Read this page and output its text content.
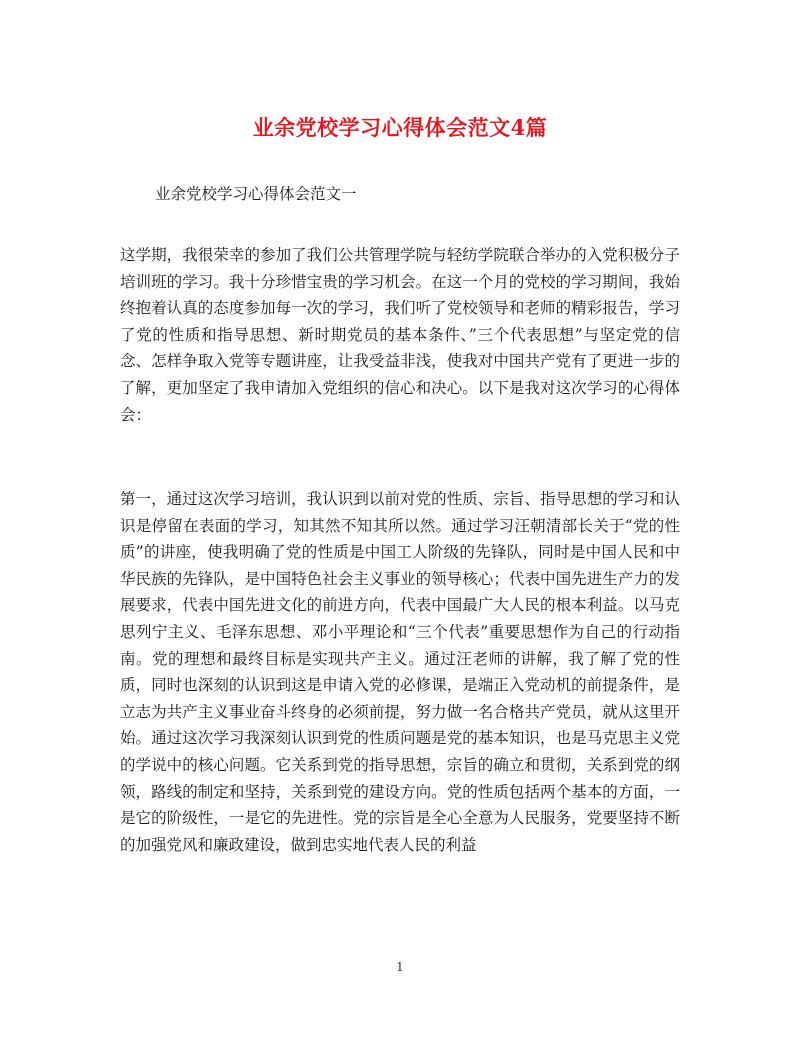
业余党校学习心得体会范文4篇
业余党校学习心得体会范文一
这学期，我很荣幸的参加了我们公共管理学院与轻纺学院联合举办的入党积极分子培训班的学习。我十分珍惜宝贵的学习机会。在这一个月的党校的学习期间，我始终抱着认真的态度参加每一次的学习，我们听了党校领导和老师的精彩报告，学习了党的性质和指导思想、新时期党员的基本条件、”三个代表思想”与坚定党的信念、怎样争取入党等专题讲座，让我受益非浅，使我对中国共产党有了更进一步的了解，更加坚定了我申请加入党组织的信心和决心。以下是我对这次学习的心得体会：
第一，通过这次学习培训，我认识到以前对党的性质、宗旨、指导思想的学习和认识是停留在表面的学习，知其然不知其所以然。通过学习汪朝清部长关于“党的性质”的讲座，使我明确了党的性质是中国工人阶级的先锋队，同时是中国人民和中华民族的先锋队，是中国特色社会主义事业的领导核心；代表中国先进生产力的发展要求，代表中国先进文化的前进方向，代表中国最广大人民的根本利益。以马克思列宁主义、毛泽东思想、邓小平理论和“三个代表”重要思想作为自己的行动指南。党的理想和最终目标是实现共产主义。通过汪老师的讲解，我了解了党的性质，同时也深刻的认识到这是申请入党的必修课，是端正入党动机的前提条件，是立志为共产主义事业奋斗终身的必须前提，努力做一名合格共产党员，就从这里开始。通过这次学习我深刻认识到党的性质问题是党的基本知识，也是马克思主义党的学说中的核心问题。它关系到党的指导思想，宗旨的确立和贯彻，关系到党的纲领，路线的制定和坚持，关系到党的建设方向。党的性质包括两个基本的方面，一是它的阶级性，一是它的先进性。党的宗旨是全心全意为人民服务，党要坚持不断的加强党风和廉政建设，做到忠实地代表人民的利益
1
